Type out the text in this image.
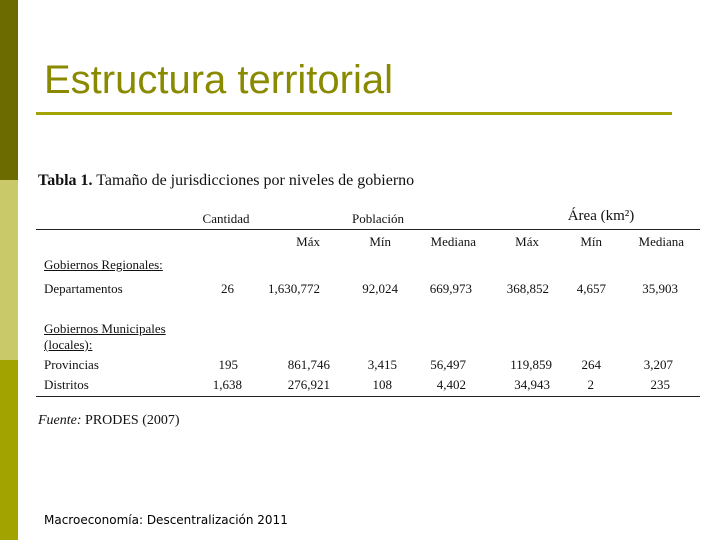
Estructura territorial
Tabla 1. Tamaño de jurisdicciones por niveles de gobierno
Cantidad	Población	Área (km²)
Máx	Mín	Mediana	Máx	Mín	Mediana
Gobiernos Regionales:
Departamentos	26	1,630,772	92,024	669,973	368,852	4,657	35,903
Gobiernos Municipales
(locales):
Provincias	195	861,746	3,415	56,497	119,859	264	3,207
Distritos	1,638	276,921	108	4,402	34,943	2	235
Fuente: PRODES (2007)
Macroeconomía: Descentralización 2011
